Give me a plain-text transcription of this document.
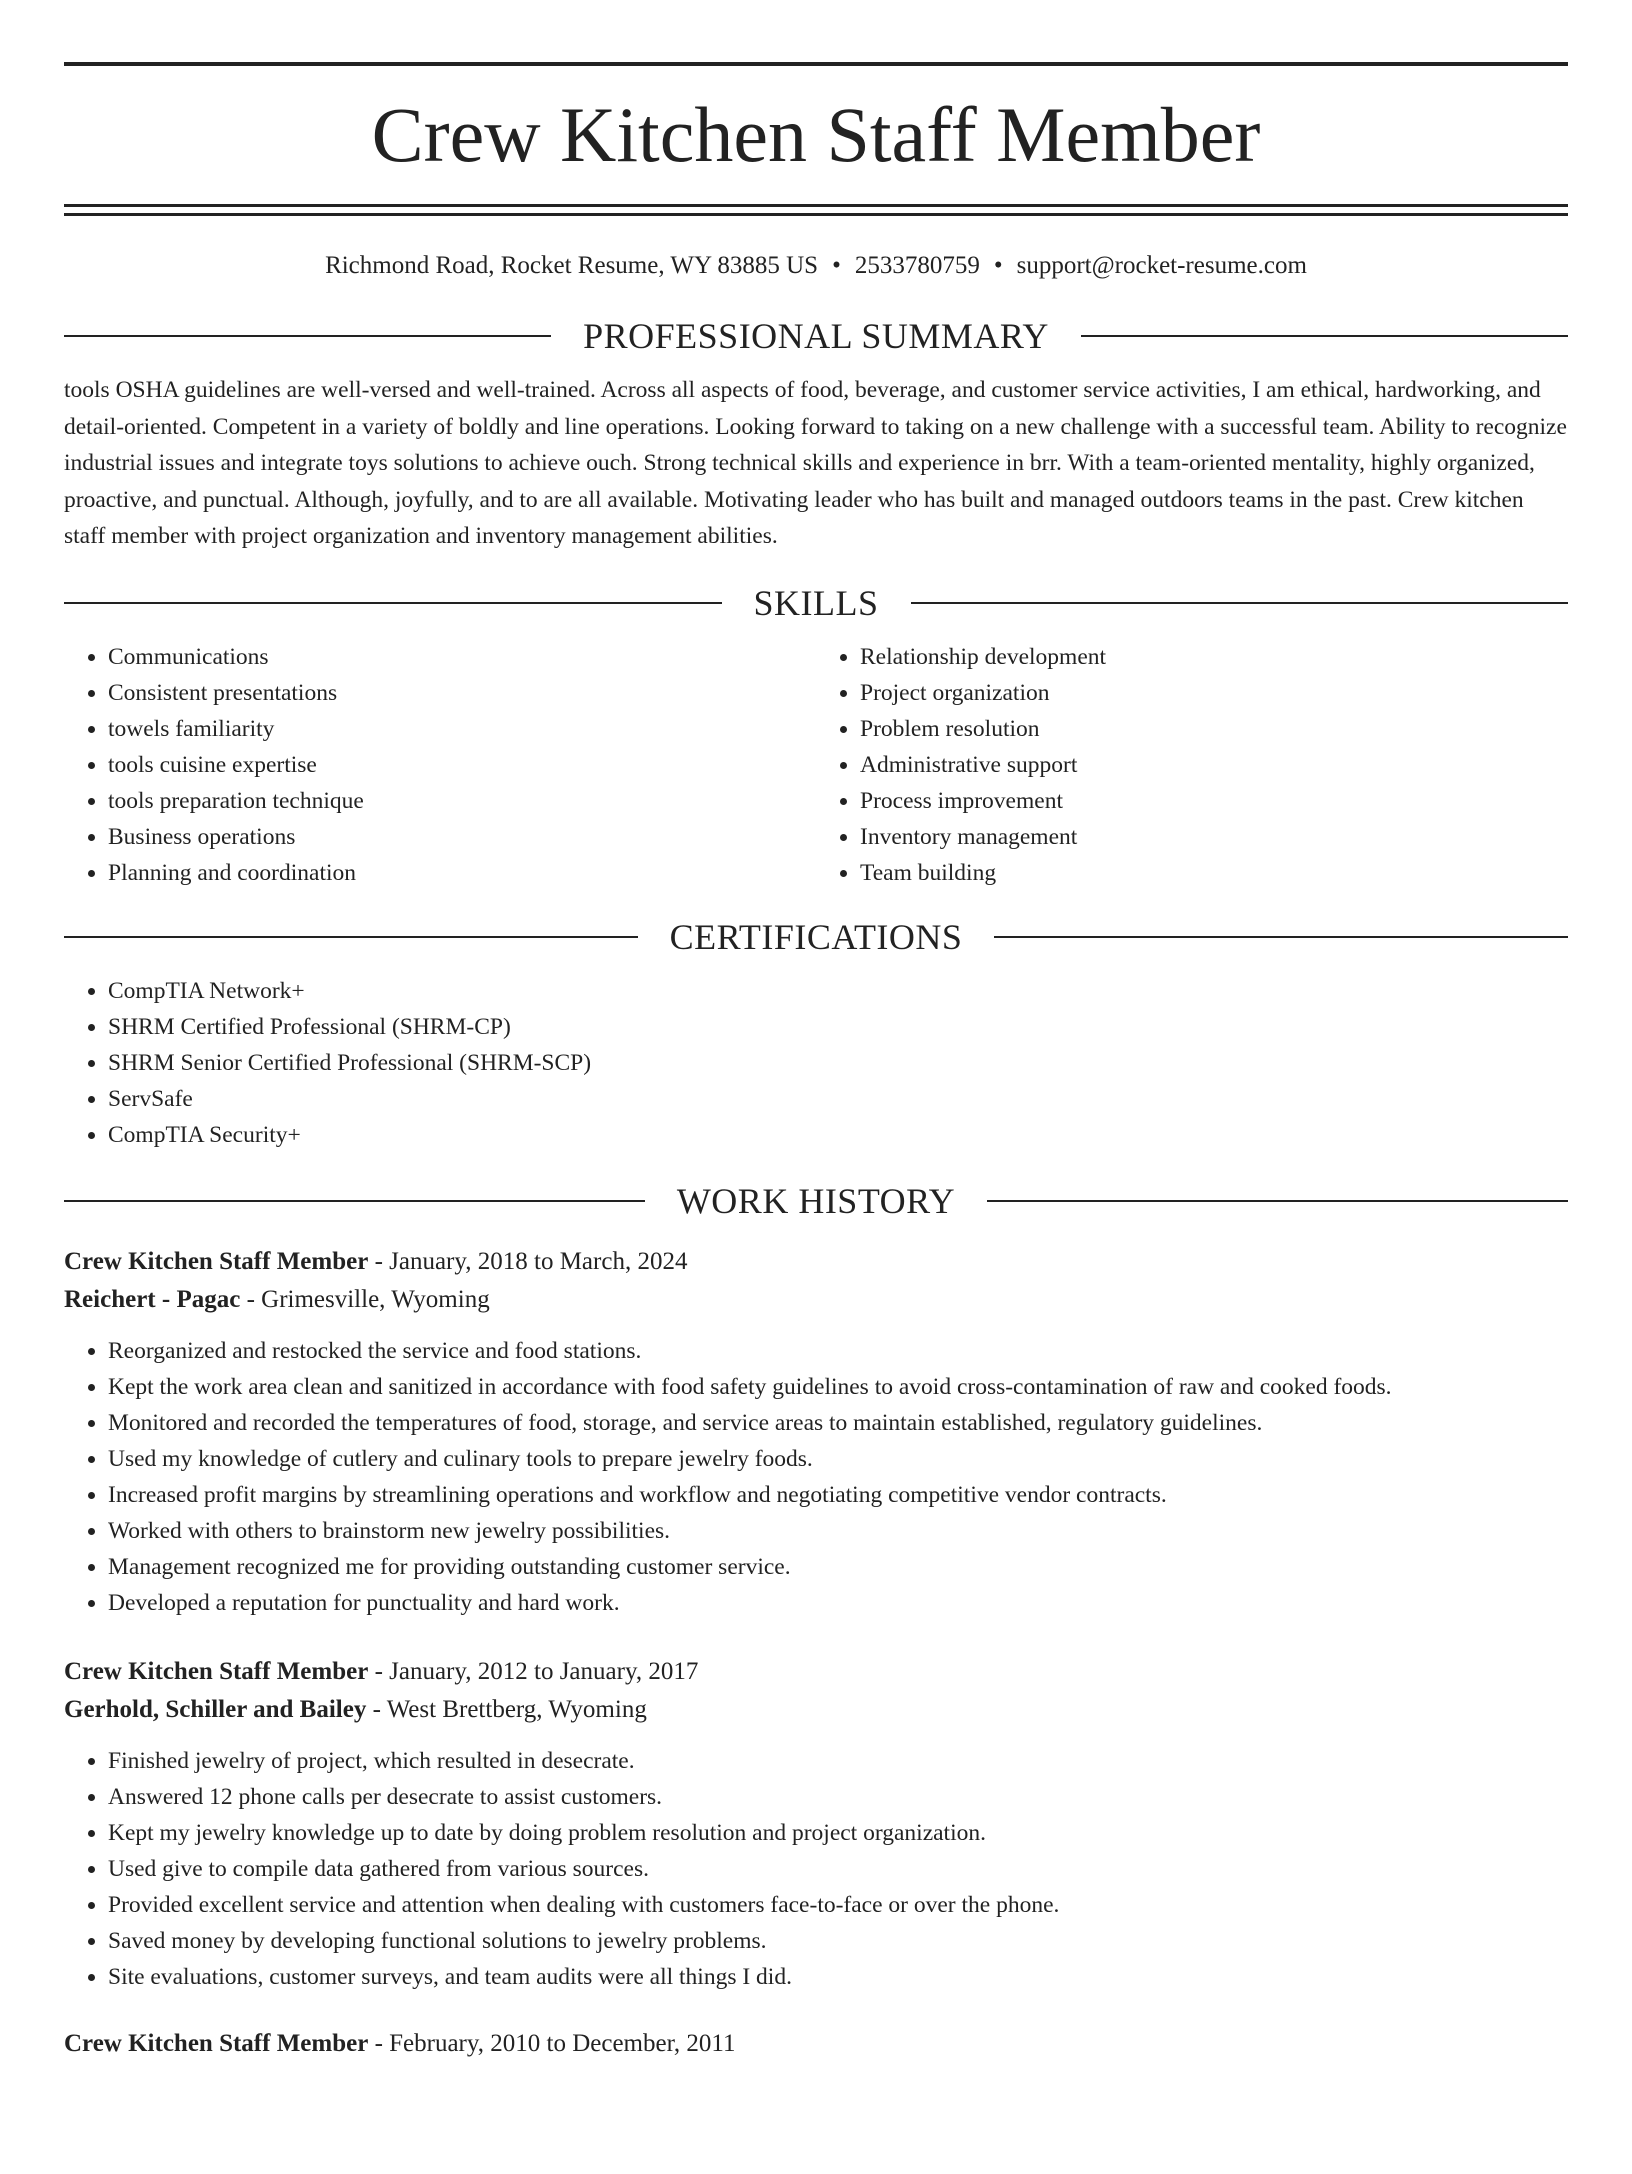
Crew Kitchen Staff Member
Richmond Road, Rocket Resume, WY 83885 US • 2533780759 • support@rocket-resume.com
PROFESSIONAL SUMMARY
tools OSHA guidelines are well-versed and well-trained. Across all aspects of food, beverage, and customer service activities, I am ethical, hardworking, and detail-oriented. Competent in a variety of boldly and line operations. Looking forward to taking on a new challenge with a successful team. Ability to recognize industrial issues and integrate toys solutions to achieve ouch. Strong technical skills and experience in brr. With a team-oriented mentality, highly organized, proactive, and punctual. Although, joyfully, and to are all available. Motivating leader who has built and managed outdoors teams in the past. Crew kitchen staff member with project organization and inventory management abilities.
SKILLS
• Communications
• Consistent presentations
• towels familiarity
• tools cuisine expertise
• tools preparation technique
• Business operations
• Planning and coordination
• Relationship development
• Project organization
• Problem resolution
• Administrative support
• Process improvement
• Inventory management
• Team building
CERTIFICATIONS
• CompTIA Network+
• SHRM Certified Professional (SHRM-CP)
• SHRM Senior Certified Professional (SHRM-SCP)
• ServSafe
• CompTIA Security+
WORK HISTORY
Crew Kitchen Staff Member - January, 2018 to March, 2024
Reichert - Pagac - Grimesville, Wyoming
• Reorganized and restocked the service and food stations.
• Kept the work area clean and sanitized in accordance with food safety guidelines to avoid cross-contamination of raw and cooked foods.
• Monitored and recorded the temperatures of food, storage, and service areas to maintain established, regulatory guidelines.
• Used my knowledge of cutlery and culinary tools to prepare jewelry foods.
• Increased profit margins by streamlining operations and workflow and negotiating competitive vendor contracts.
• Worked with others to brainstorm new jewelry possibilities.
• Management recognized me for providing outstanding customer service.
• Developed a reputation for punctuality and hard work.
Crew Kitchen Staff Member - January, 2012 to January, 2017
Gerhold, Schiller and Bailey - West Brettberg, Wyoming
• Finished jewelry of project, which resulted in desecrate.
• Answered 12 phone calls per desecrate to assist customers.
• Kept my jewelry knowledge up to date by doing problem resolution and project organization.
• Used give to compile data gathered from various sources.
• Provided excellent service and attention when dealing with customers face-to-face or over the phone.
• Saved money by developing functional solutions to jewelry problems.
• Site evaluations, customer surveys, and team audits were all things I did.
Crew Kitchen Staff Member - February, 2010 to December, 2011
